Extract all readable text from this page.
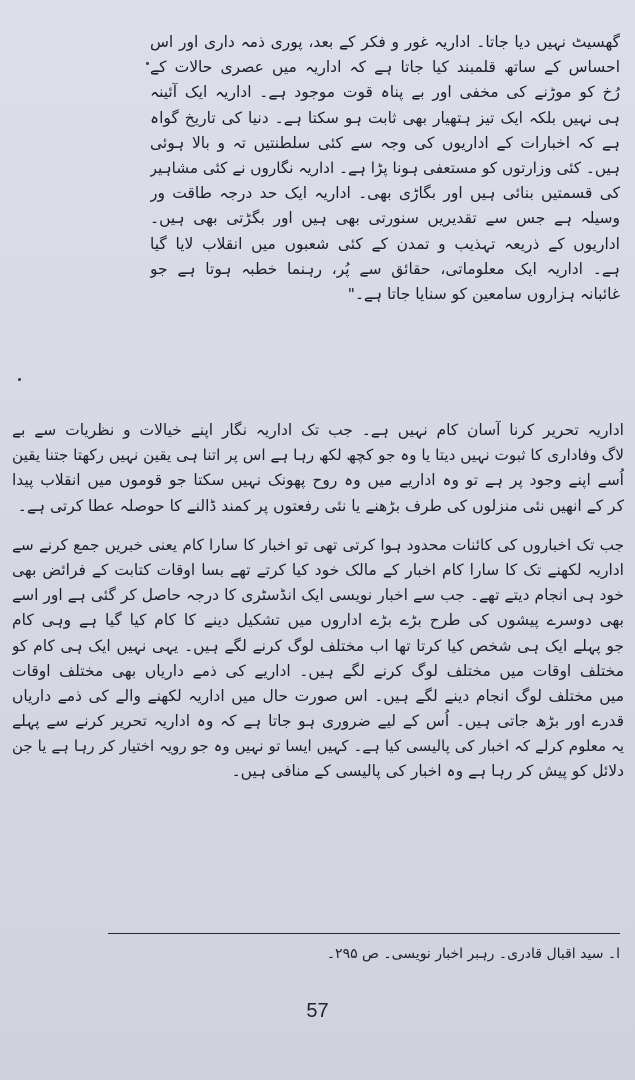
گھسیٹ نہیں دیا جاتا۔ اداریہ غور و فکر کے بعد، پوری ذمہ داری اور اس
احساس کے ساتھ قلمبند کیا جاتا ہے کہ اداریہ میں عصری حالات کے
رُخ کو موڑنے کی مخفی اور بے پناہ قوت موجود ہے۔ اداریہ ایک آئینہ
ہی نہیں بلکہ ایک تیز ہتھیار بھی ثابت ہو سکتا ہے۔ دنیا کی تاریخ گواہ
ہے کہ اخبارات کے اداریوں کی وجہ سے کئی سلطنتیں تہ و بالا ہوئی
ہیں۔ کئی وزارتوں کو مستعفی ہونا پڑا ہے۔ اداریہ نگاروں نے کئی مشاہیر
کی قسمتیں بنائی ہیں اور بگاڑی بھی۔ اداریہ ایک حد درجہ طاقت ور
وسیلہ ہے جس سے تقدیریں سنورتی بھی ہیں اور بگڑتی بھی ہیں۔
اداریوں کے ذریعہ تہذیب و تمدن کے کئی شعبوں میں انقلاب لایا گیا
ہے۔ اداریہ ایک معلوماتی، حقائق سے پُر، رہنما خطبہ ہوتا ہے جو
غائبانہ ہزاروں سامعین کو سنایا جاتا ہے۔"
اداریہ تحریر کرنا آسان کام نہیں ہے۔ جب تک اداریہ نگار اپنے خیالات و نظریات سے بے
لاگ وفاداری کا ثبوت نہیں دیتا یا وہ جو کچھ لکھ رہا ہے اس پر اتنا ہی یقین نہیں رکھتا جتنا یقین
اُسے اپنے وجود پر ہے تو وہ اداریے میں وہ روح پھونک نہیں سکتا جو قوموں میں انقلاب پیدا
کر کے انھیں نئی منزلوں کی طرف بڑھنے یا نئی رفعتوں پر کمند ڈالنے کا حوصلہ عطا کرتی ہے۔
جب تک اخباروں کی کائنات محدود ہوا کرتی تھی تو اخبار کا سارا کام یعنی خبریں جمع کرنے سے
اداریہ لکھنے تک کا سارا کام اخبار کے مالک خود کیا کرتے تھے بسا اوقات کتابت کے فرائض بھی
خود ہی انجام دیتے تھے۔ جب سے اخبار نویسی ایک انڈسٹری کا درجہ حاصل کر گئی ہے اور اسے
بھی دوسرے پیشوں کی طرح بڑے بڑے اداروں میں تشکیل دینے کا کام کیا گیا ہے وہی کام
جو پہلے ایک ہی شخص کیا کرتا تھا اب مختلف لوگ کرنے لگے ہیں۔ یہی نہیں ایک ہی کام کو
مختلف اوقات میں مختلف لوگ کرنے لگے ہیں۔ اداریے کی ذمے داریاں بھی مختلف اوقات
میں مختلف لوگ انجام دینے لگے ہیں۔ اس صورت حال میں اداریہ لکھنے والے کی ذمے داریاں
قدرے اور بڑھ جاتی ہیں۔ اُس کے لیے ضروری ہو جاتا ہے کہ وہ اداریہ تحریر کرنے سے پہلے
یہ معلوم کرلے کہ اخبار کی پالیسی کیا ہے۔ کہیں ایسا تو نہیں وہ جو رویہ اختیار کر رہا ہے یا جن
دلائل کو پیش کر رہا ہے وہ اخبار کی پالیسی کے منافی ہیں۔
ا۔ سید اقبال قادری۔ رہبر اخبار نویسی۔ ص ۲۹۵۔
57
